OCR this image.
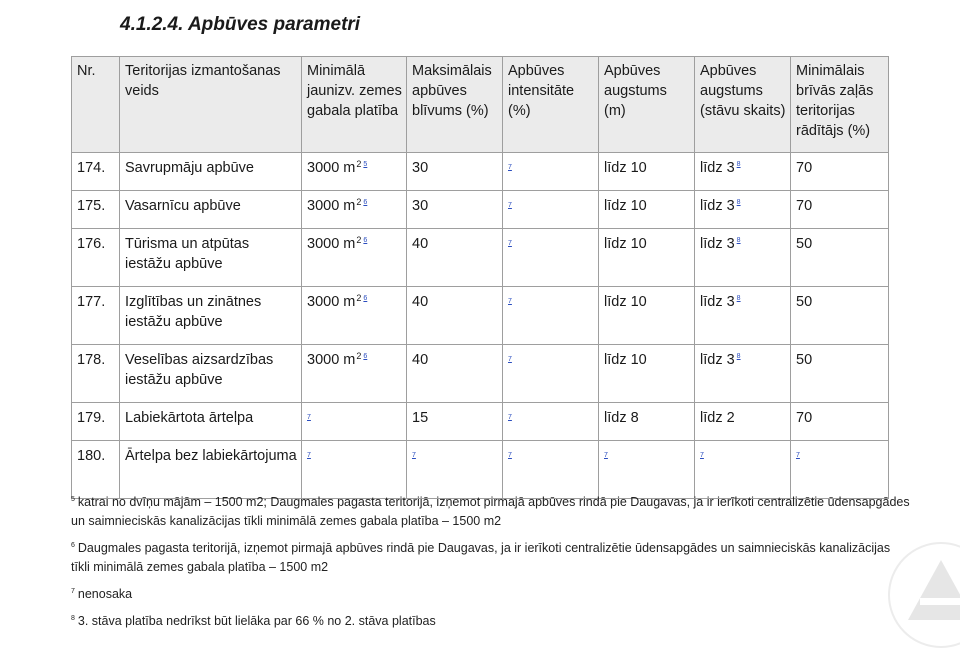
4.1.2.4. Apbūves parametri
Nr.	Teritorijas izmantošanas veids	Minimālā jaunizv. zemes gabala platība	Maksimālais apbūves blīvums (%)	Apbūves intensitāte (%)	Apbūves augstums (m)	Apbūves augstums (stāvu skaits)	Minimālais brīvās zaļās teritorijas rādītājs (%)
174.	Savrupmāju apbūve	3000 $m^2$ $^5$	30	$^7$	līdz 10	līdz 3 $^8$	70
175.	Vasarnīcu apbūve	3000 $m^2$ $^6$	30	$^7$	līdz 10	līdz 3 $^8$	70
176.	Tūrisma un atpūtas iestāžu apbūve	3000 $m^2$ $^6$	40	$^7$	līdz 10	līdz 3 $^8$	50
177.	Izglītības un zinātnes iestāžu apbūve	3000 $m^2$ $^6$	40	$^7$	līdz 10	līdz 3 $^8$	50
178.	Veselības aizsardzības iestāžu apbūve	3000 $m^2$ $^6$	40	$^7$	līdz 10	līdz 3 $^8$	50
179.	Labiekārtota ārtelpa	$^7$	15	$^7$	līdz 8	līdz 2	70
180.	Ārtelpa bez labiekārtojuma	$^7$	$^7$	$^7$	$^7$	$^7$	$^7$

$^5$ katrai no dvīņu mājām – 1500 m2; Daugmales pagasta teritorijā, izņemot pirmajā apbūves rindā pie Daugavas, ja ir ierīkoti centralizētie ūdensapgādes un saimnieciskās kanalizācijas tīkli minimālā zemes gabala platība – 1500 m2

$^6$ Daugmales pagasta teritorijā, izņemot pirmajā apbūves rindā pie Daugavas, ja ir ierīkoti centralizētie ūdensapgādes un saimnieciskās kanalizācijas tīkli minimālā zemes gabala platība – 1500 m2

$^7$ nenosaka

$^8$ 3. stāva platība nedrīkst būt lielāka par 66 % no 2. stāva platības
